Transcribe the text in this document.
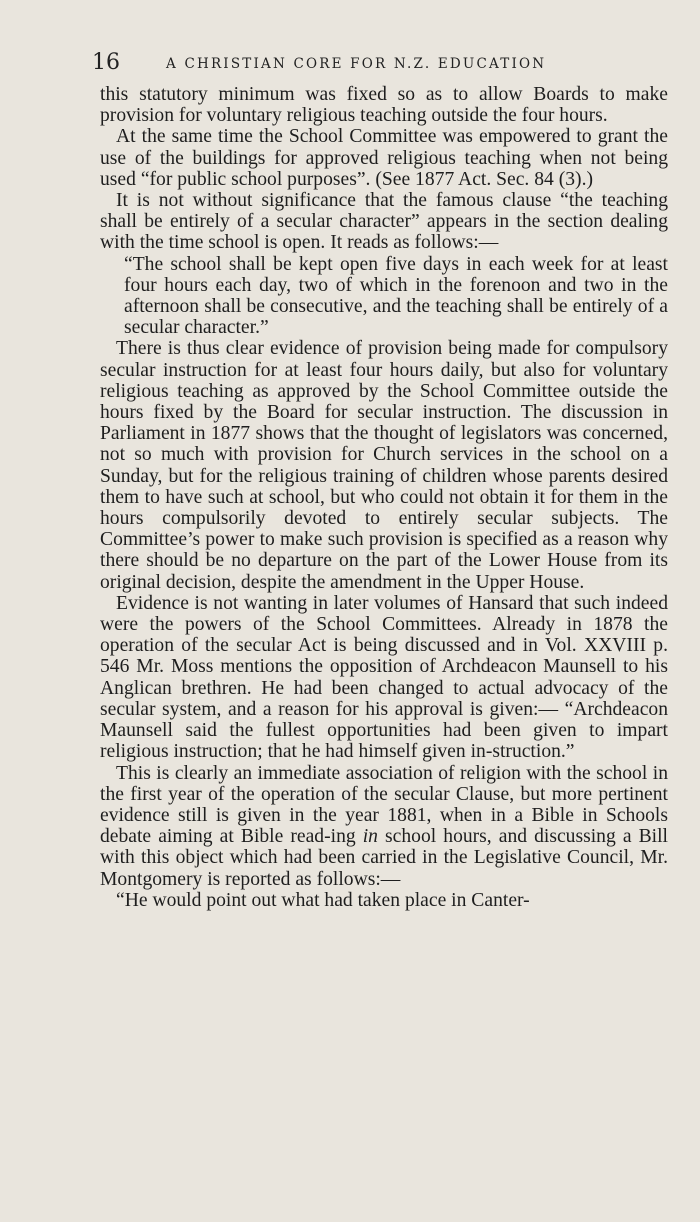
16	A CHRISTIAN CORE FOR N.Z. EDUCATION

this statutory minimum was fixed so as to allow Boards to make provision for voluntary religious teaching outside the four hours.

At the same time the School Committee was empowered to grant the use of the buildings for approved religious teaching when not being used “for public school purposes”. (See 1877 Act. Sec. 84 (3).)

It is not without significance that the famous clause “the teaching shall be entirely of a secular character” appears in the section dealing with the time school is open. It reads as follows:—

“The school shall be kept open five days in each week for at least four hours each day, two of which in the forenoon and two in the afternoon shall be consecutive, and the teaching shall be entirely of a secular character.”

There is thus clear evidence of provision being made for compulsory secular instruction for at least four hours daily, but also for voluntary religious teaching as approved by the School Committee outside the hours fixed by the Board for secular instruction. The discussion in Parliament in 1877 shows that the thought of legislators was concerned, not so much with provision for Church services in the school on a Sunday, but for the religious training of children whose parents desired them to have such at school, but who could not obtain it for them in the hours compulsorily devoted to entirely secular subjects. The Committee’s power to make such provision is specified as a reason why there should be no departure on the part of the Lower House from its original decision, despite the amendment in the Upper House.

Evidence is not wanting in later volumes of Hansard that such indeed were the powers of the School Committees. Already in 1878 the operation of the secular Act is being discussed and in Vol. XXVIII p. 546 Mr. Moss mentions the opposition of Archdeacon Maunsell to his Anglican brethren. He had been changed to actual advocacy of the secular system, and a reason for his approval is given:— “Archdeacon Maunsell said the fullest opportunities had been given to impart religious instruction; that he had himself given in-struction.”

This is clearly an immediate association of religion with the school in the first year of the operation of the secular Clause, but more pertinent evidence still is given in the year 1881, when in a Bible in Schools debate aiming at Bible read-ing in school hours, and discussing a Bill with this object which had been carried in the Legislative Council, Mr. Montgomery is reported as follows:—

“He would point out what had taken place in Canter-
